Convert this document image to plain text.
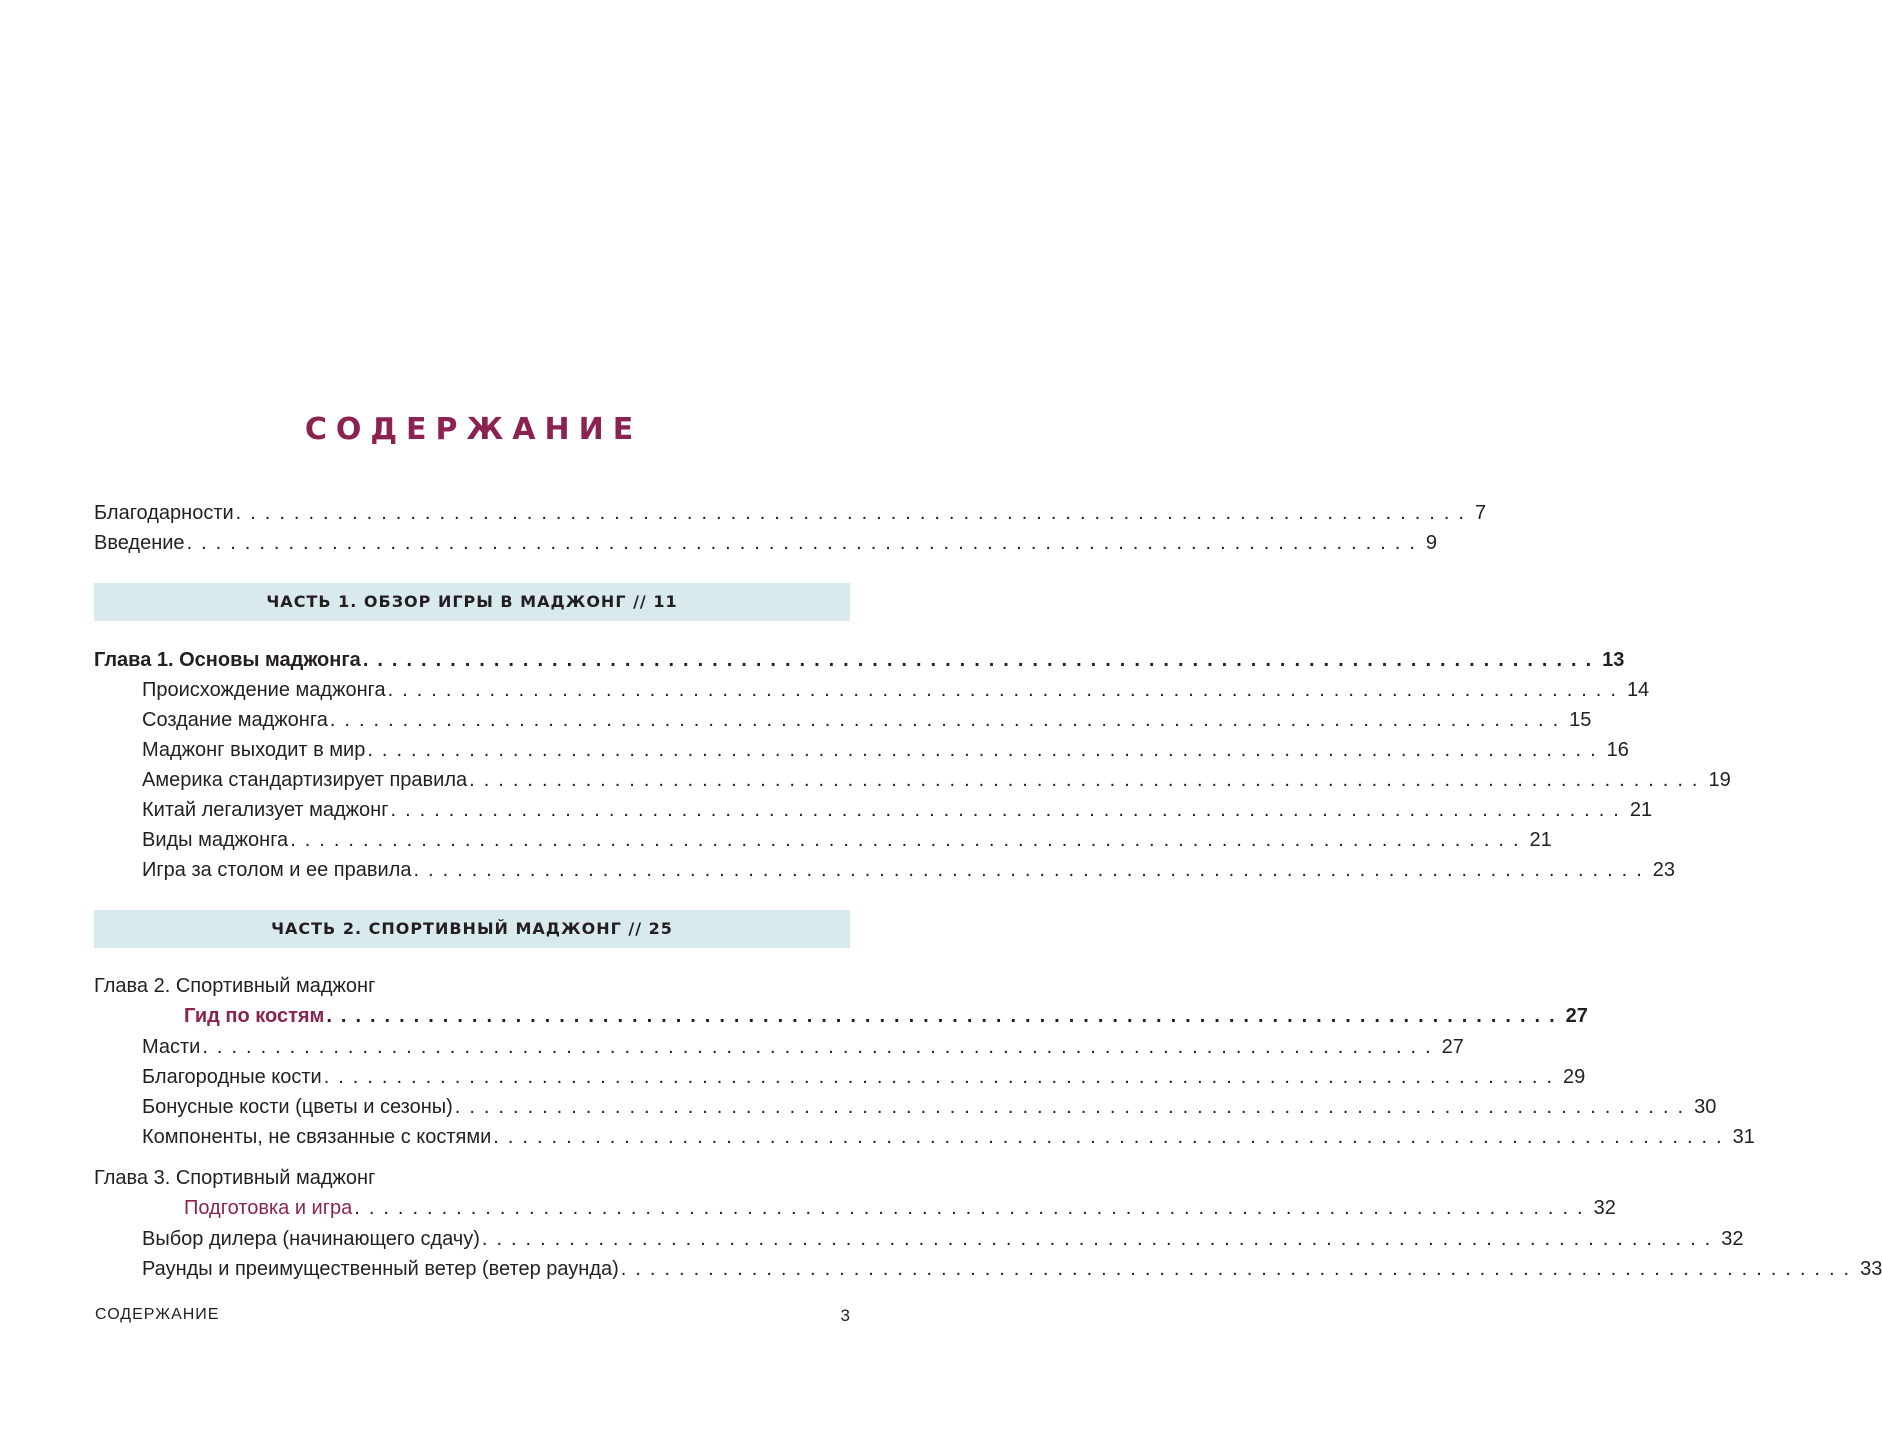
СОДЕРЖАНИЕ
Благодарности ..................................................................................... 7
Введение ..................................................................................... 9
ЧАСТЬ 1. ОБЗОР ИГРЫ В МАДЖОНГ // 11
Глава 1. Основы маджонга ..................................................................................... 13
Происхождение маджонга ..................................................................................... 14
Создание маджонга ..................................................................................... 15
Маджонг выходит в мир ..................................................................................... 16
Америка стандартизирует правила ..................................................................................... 19
Китай легализует маджонг ..................................................................................... 21
Виды маджонга ..................................................................................... 21
Игра за столом и ее правила ..................................................................................... 23
ЧАСТЬ 2. СПОРТИВНЫЙ МАДЖОНГ // 25
Глава 2. Спортивный маджонг
Гид по костям ..................................................................................... 27
Масти ..................................................................................... 27
Благородные кости ..................................................................................... 29
Бонусные кости (цветы и сезоны) ..................................................................................... 30
Компоненты, не связанные с костями ..................................................................................... 31
Глава 3. Спортивный маджонг
Подготовка и игра ..................................................................................... 32
Выбор дилера (начинающего сдачу) ..................................................................................... 32
Раунды и преимущественный ветер (ветер раунда) ..................................................................................... 33
СОДЕРЖАНИЕ	3
